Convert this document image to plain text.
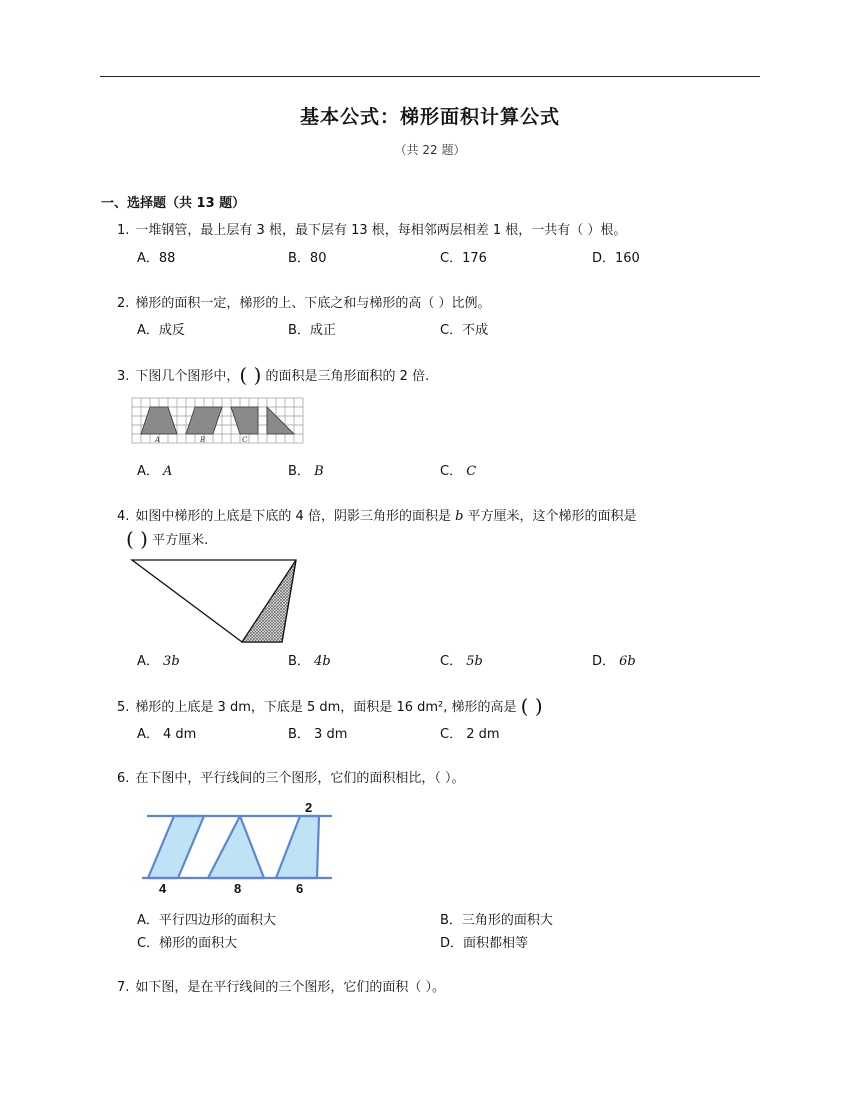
基本公式：梯形面积计算公式
（共 22 题）
一、选择题（共 13 题）
1. 一堆钢管，最上层有 3 根，最下层有 13 根，每相邻两层相差 1 根，一共有（ ）根。
A．88	B．80	C．176	D．160
2. 梯形的面积一定，梯形的上、下底之和与梯形的高（ ）比例。
A．成反	B．成正	C．不成
3. 下图几个图形中，( ) 的面积是三角形面积的 2 倍.
A	B	C
A． A	B． B	C． C
4. 如图中梯形的上底是下底的 4 倍，阴影三角形的面积是 b 平方厘米，这个梯形的面积是
( ) 平方厘米.
A． 3b	B． 4b	C． 5b	D． 6b
5. 梯形的上底是 3 dm，下底是 5 dm，面积是 16 dm², 梯形的高是 ( )
A． 4 dm	B． 3 dm	C． 2 dm
6. 在下图中，平行线间的三个图形，它们的面积相比，（ ）。
2
4	8	6
A．平行四边形的面积大	B．三角形的面积大
C．梯形的面积大	D．面积都相等
7. 如下图，是在平行线间的三个图形，它们的面积（ ）。
